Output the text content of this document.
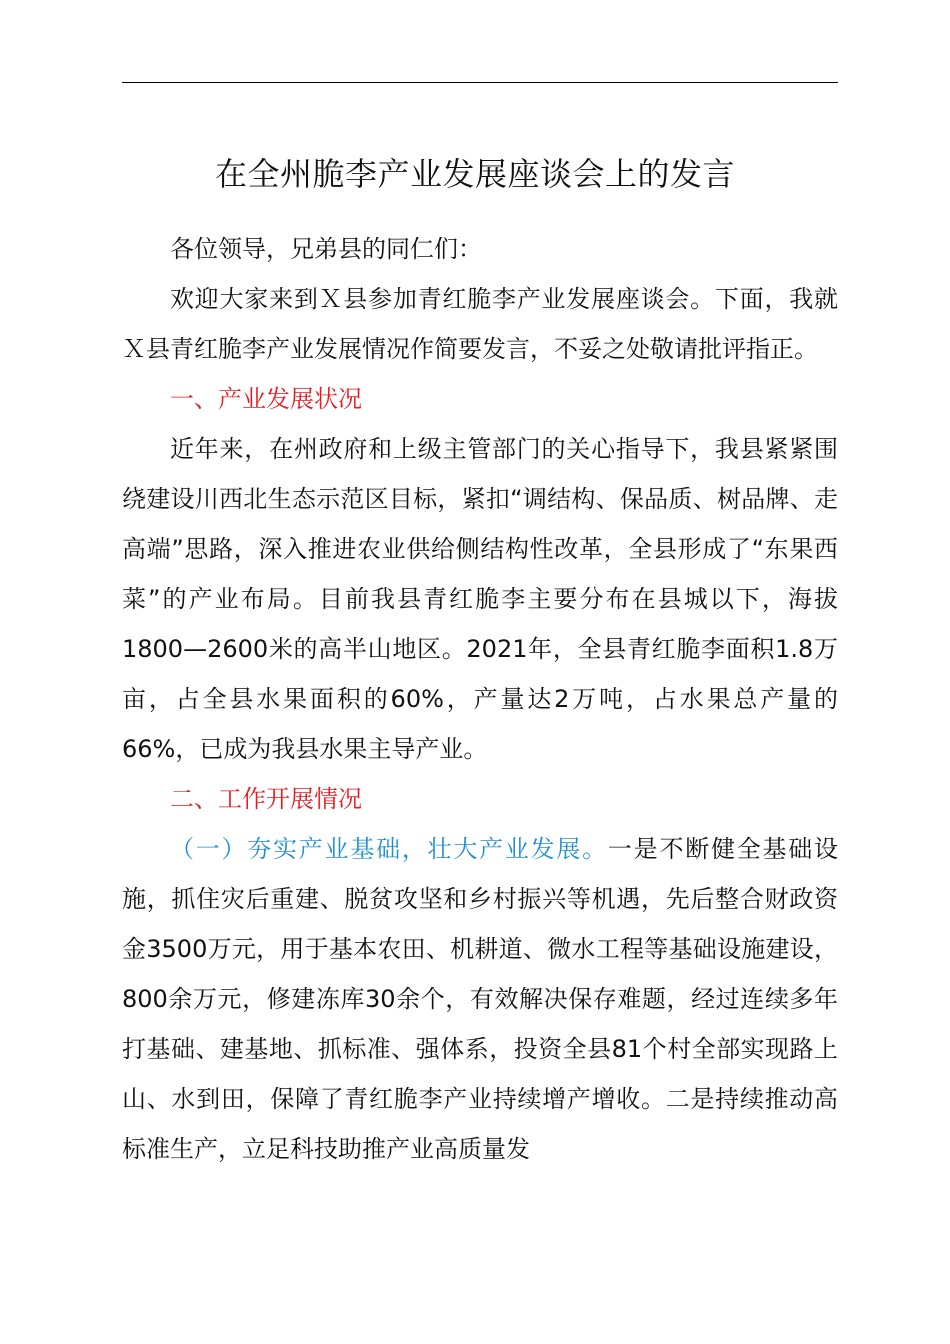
在全州脆李产业发展座谈会上的发言

各位领导，兄弟县的同仁们：

欢迎大家来到Ｘ县参加青红脆李产业发展座谈会。下面，我就Ｘ县青红脆李产业发展情况作简要发言，不妥之处敬请批评指正。

一、产业发展状况

近年来，在州政府和上级主管部门的关心指导下，我县紧紧围绕建设川西北生态示范区目标，紧扣“调结构、保品质、树品牌、走高端”思路，深入推进农业供给侧结构性改革，全县形成了“东果西菜”的产业布局。目前我县青红脆李主要分布在县城以下，海拔1800—2600米的高半山地区。2021年，全县青红脆李面积1.8万亩，占全县水果面积的60%，产量达2万吨，占水果总产量的66%，已成为我县水果主导产业。

二、工作开展情况

（一）夯实产业基础，壮大产业发展。一是不断健全基础设施，抓住灾后重建、脱贫攻坚和乡村振兴等机遇，先后整合财政资金3500万元，用于基本农田、机耕道、微水工程等基础设施建设，800余万元，修建冻库30余个，有效解决保存难题，经过连续多年打基础、建基地、抓标准、强体系，投资全县81个村全部实现路上山、水到田，保障了青红脆李产业持续增产增收。二是持续推动高标准生产，立足科技助推产业高质量发
